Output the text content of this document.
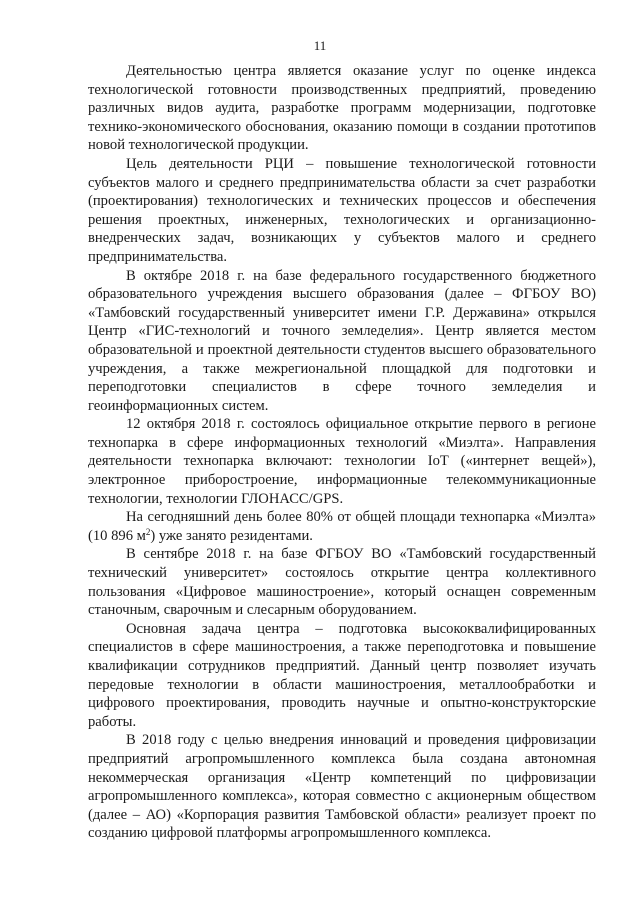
11

Деятельностью центра является оказание услуг по оценке индекса технологической готовности производственных предприятий, проведению различных видов аудита, разработке программ модернизации, подготовке технико-экономического обоснования, оказанию помощи в создании прототипов новой технологической продукции.

Цель деятельности РЦИ – повышение технологической готовности субъектов малого и среднего предпринимательства области за счет разработки (проектирования) технологических и технических процессов и обеспечения решения проектных, инженерных, технологических и организационно-внедренческих задач, возникающих у субъектов малого и среднего предпринимательства.

В октябре 2018 г. на базе федерального государственного бюджетного образовательного учреждения высшего образования (далее – ФГБОУ ВО) «Тамбовский государственный университет имени Г.Р. Державина» открылся Центр «ГИС-технологий и точного земледелия». Центр является местом образовательной и проектной деятельности студентов высшего образовательного учреждения, а также межрегиональной площадкой для подготовки и переподготовки специалистов в сфере точного земледелия и геоинформационных систем.

12 октября 2018 г. состоялось официальное открытие первого в регионе технопарка в сфере информационных технологий «Миэлта». Направления деятельности технопарка включают: технологии IoT («интернет вещей»), электронное приборостроение, информационные телекоммуникационные технологии, технологии ГЛОНАСС/GPS.

На сегодняшний день более 80% от общей площади технопарка «Миэлта» (10 896 $м^2$) уже занято резидентами.

В сентябре 2018 г. на базе ФГБОУ ВО «Тамбовский государственный технический университет» состоялось открытие центра коллективного пользования «Цифровое машиностроение», который оснащен современным станочным, сварочным и слесарным оборудованием.

Основная задача центра – подготовка высококвалифицированных специалистов в сфере машиностроения, а также переподготовка и повышение квалификации сотрудников предприятий. Данный центр позволяет изучать передовые технологии в области машиностроения, металлообработки и цифрового проектирования, проводить научные и опытно-конструкторские работы.

В 2018 году с целью внедрения инноваций и проведения цифровизации предприятий агропромышленного комплекса была создана автономная некоммерческая организация «Центр компетенций по цифровизации агропромышленного комплекса», которая совместно с акционерным обществом (далее – АО) «Корпорация развития Тамбовской области» реализует проект по созданию цифровой платформы агропромышленного комплекса.
